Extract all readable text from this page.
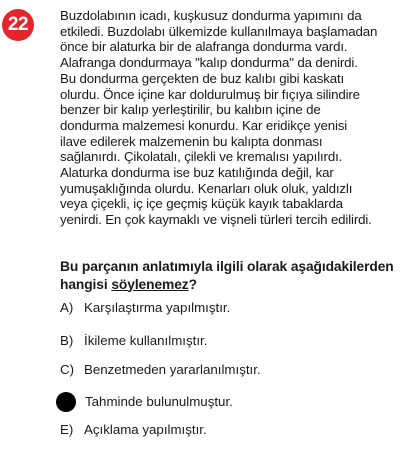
22 Buzdolabının icadı, kuşkusuz dondurma yapımını da
etkiledi. Buzdolabı ülkemizde kullanılmaya başlamadan
önce bir alaturka bir de alafranga dondurma vardı.
Alafranga dondurmaya "kalıp dondurma" da denirdi.
Bu dondurma gerçekten de buz kalıbı gibi kaskatı
olurdu. Önce içine kar doldurulmuş bir fıçıya silindire
benzer bir kalıp yerleştirilir, bu kalıbın içine de
dondurma malzemesi konurdu. Kar eridikçe yenisi
ilave edilerek malzemenin bu kalıpta donması
sağlanırdı. Çikolatalı, çilekli ve kremalısı yapılırdı.
Alaturka dondurma ise buz katılığında değil, kar
yumuşaklığında olurdu. Kenarları oluk oluk, yaldızlı
veya çiçekli, iç içe geçmiş küçük kayık tabaklarda
yenirdi. En çok kaymaklı ve vişneli türleri tercih edilirdi.
Bu parçanın anlatımıyla ilgili olarak aşağıdakilerden
hangisi söylenemez?
A) Karşılaştırma yapılmıştır.
B) İkileme kullanılmıştır.
C) Benzetmeden yararlanılmıştır.
Tahminde bulunulmuştur.
E) Açıklama yapılmıştır.
